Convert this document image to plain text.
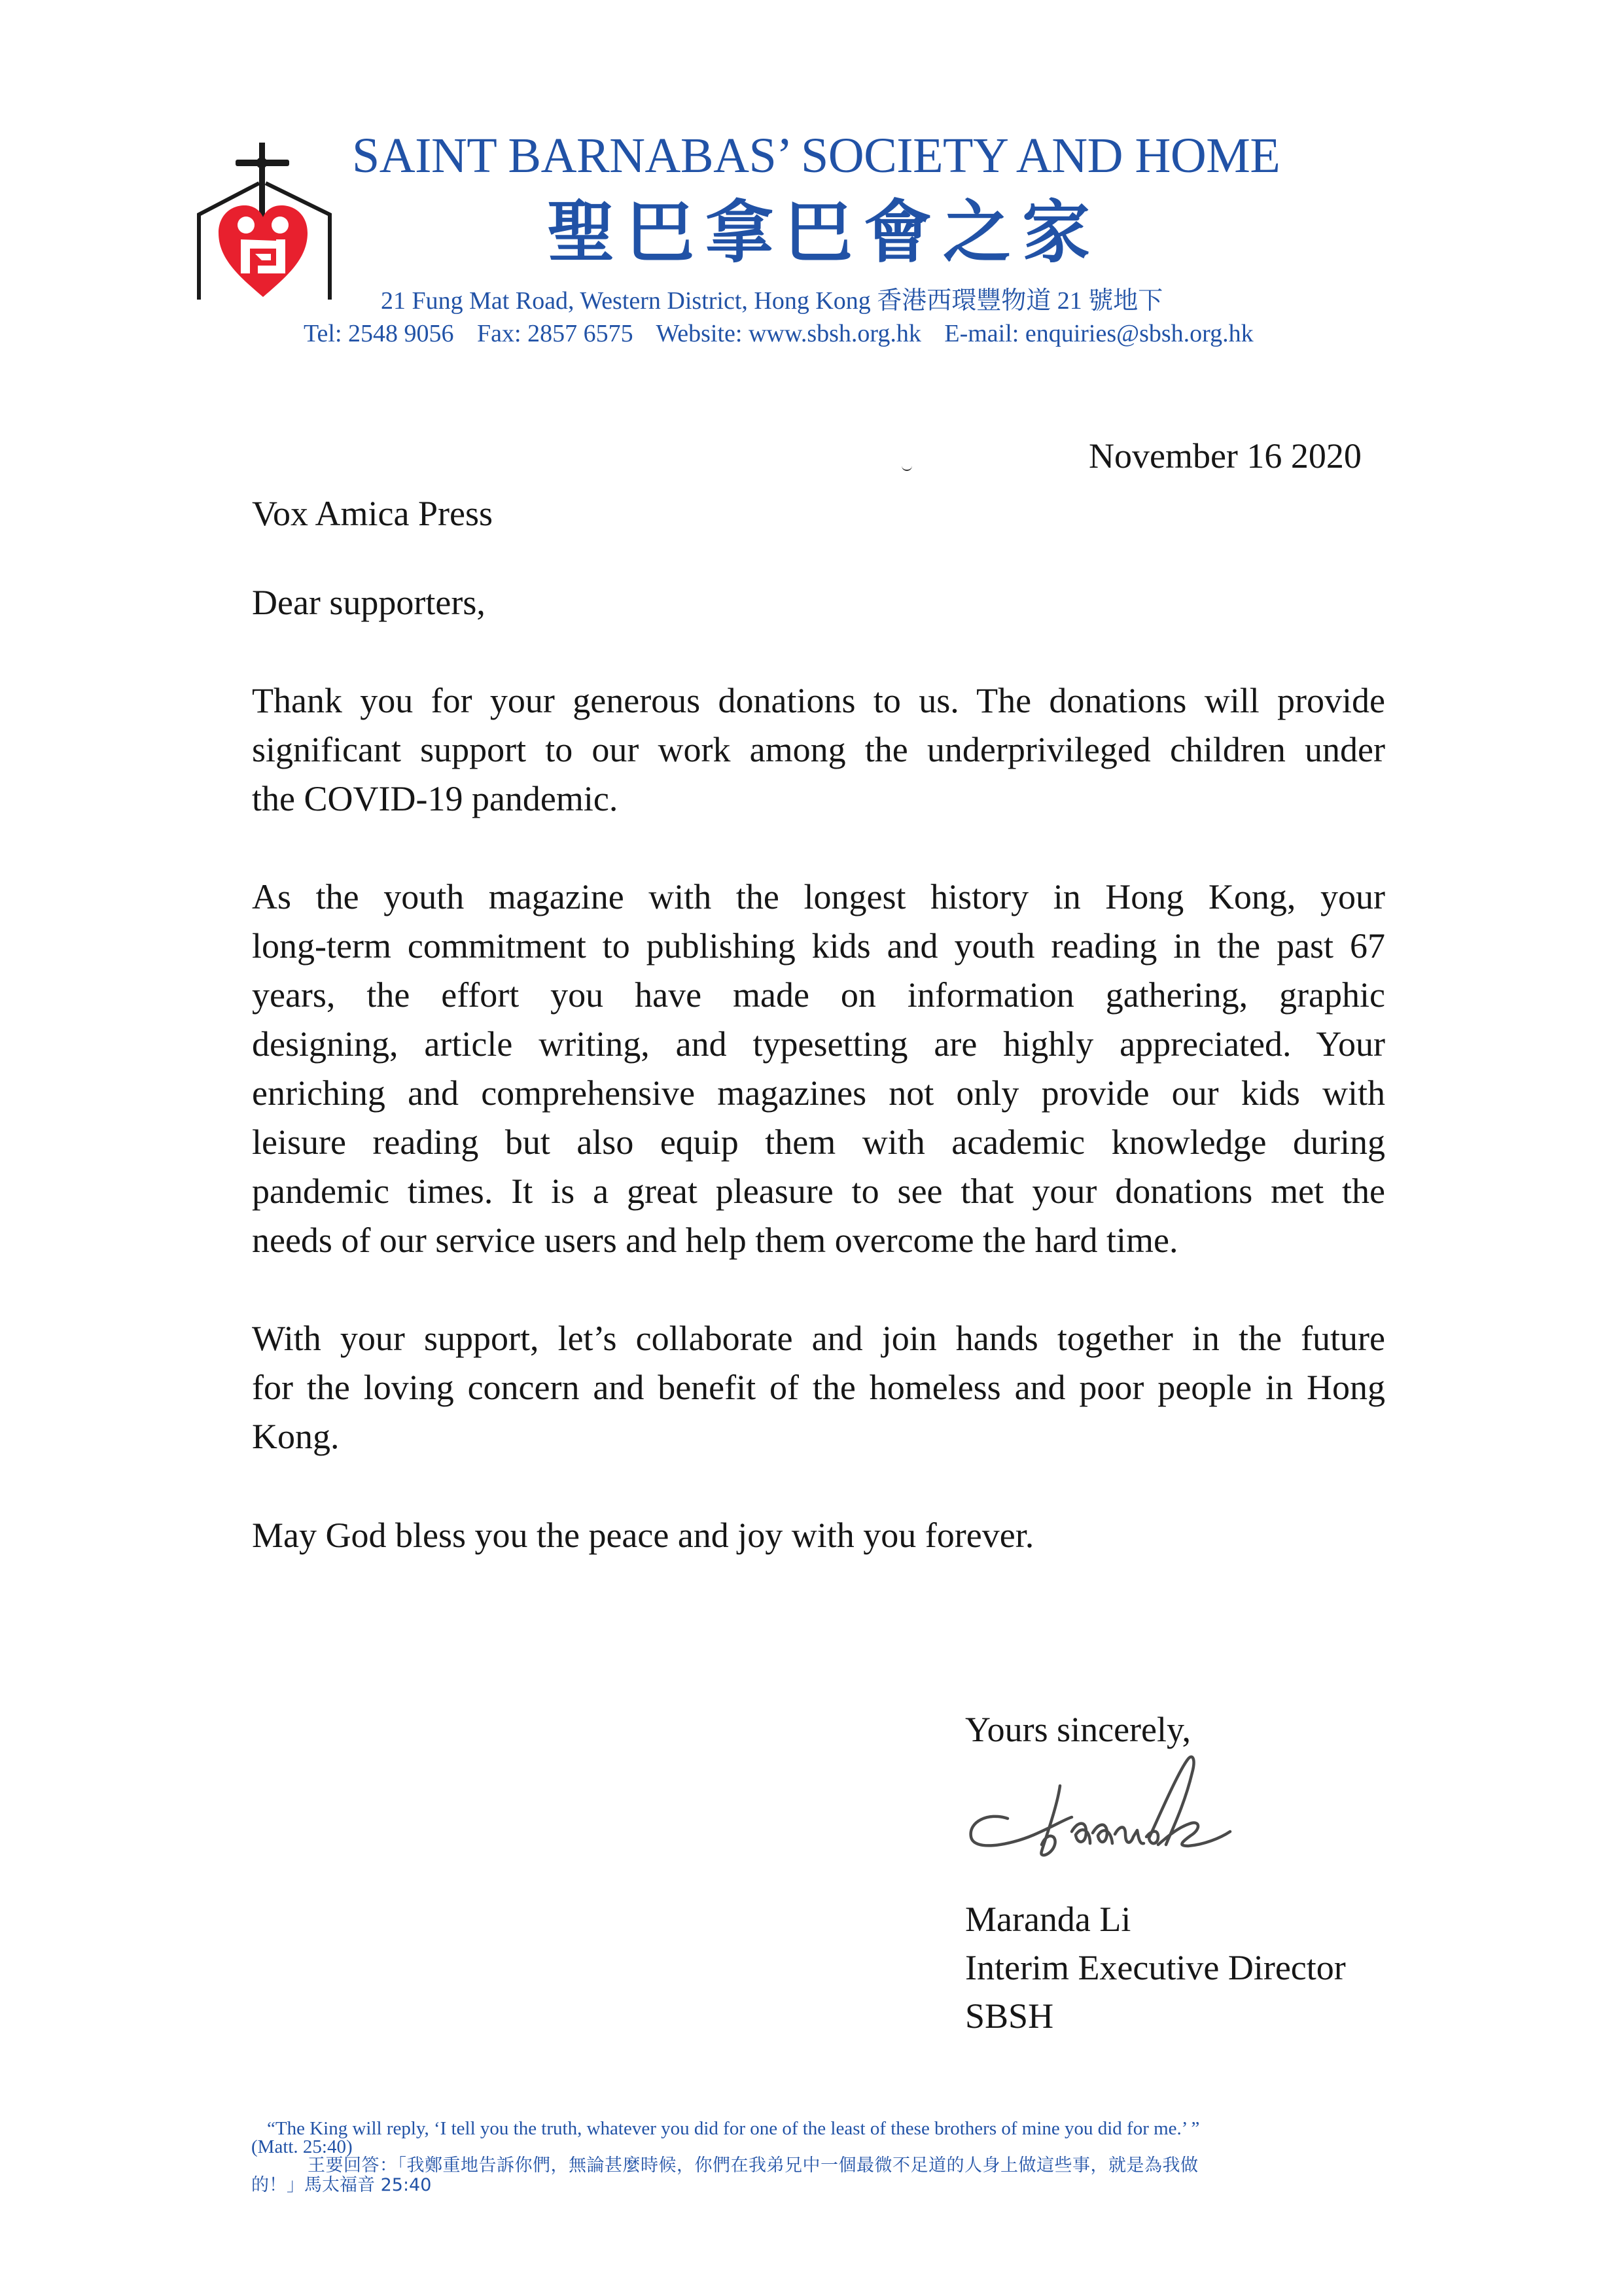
SAINT BARNABAS’ SOCIETY AND HOME
聖巴拿巴會之家
21 Fung Mat Road, Western District, Hong Kong 香港西環豐物道 21 號地下
Tel: 2548 9056 Fax: 2857 6575 Website: www.sbsh.org.hk E-mail: enquiries@sbsh.org.hk
November 16 2020
Vox Amica Press
Dear supporters,
Thank you for your generous donations to us. The donations will provide
significant support to our work among the underprivileged children under
the COVID-19 pandemic.
As the youth magazine with the longest history in Hong Kong, your
long-term commitment to publishing kids and youth reading in the past 67
years, the effort you have made on information gathering, graphic
designing, article writing, and typesetting are highly appreciated. Your
enriching and comprehensive magazines not only provide our kids with
leisure reading but also equip them with academic knowledge during
pandemic times. It is a great pleasure to see that your donations met the
needs of our service users and help them overcome the hard time.
With your support, let’s collaborate and join hands together in the future
for the loving concern and benefit of the homeless and poor people in Hong
Kong.
May God bless you the peace and joy with you forever.
Yours sincerely,
Maranda Li
Interim Executive Director
SBSH
“The King will reply, ‘I tell you the truth, whatever you did for one of the least of these brothers of mine you did for me.’ ”
(Matt. 25:40)
王要回答：「我鄭重地告訴你們，無論甚麼時候，你們在我弟兄中一個最微不足道的人身上做這些事，就是為我做
的！」馬太福音 25:40
